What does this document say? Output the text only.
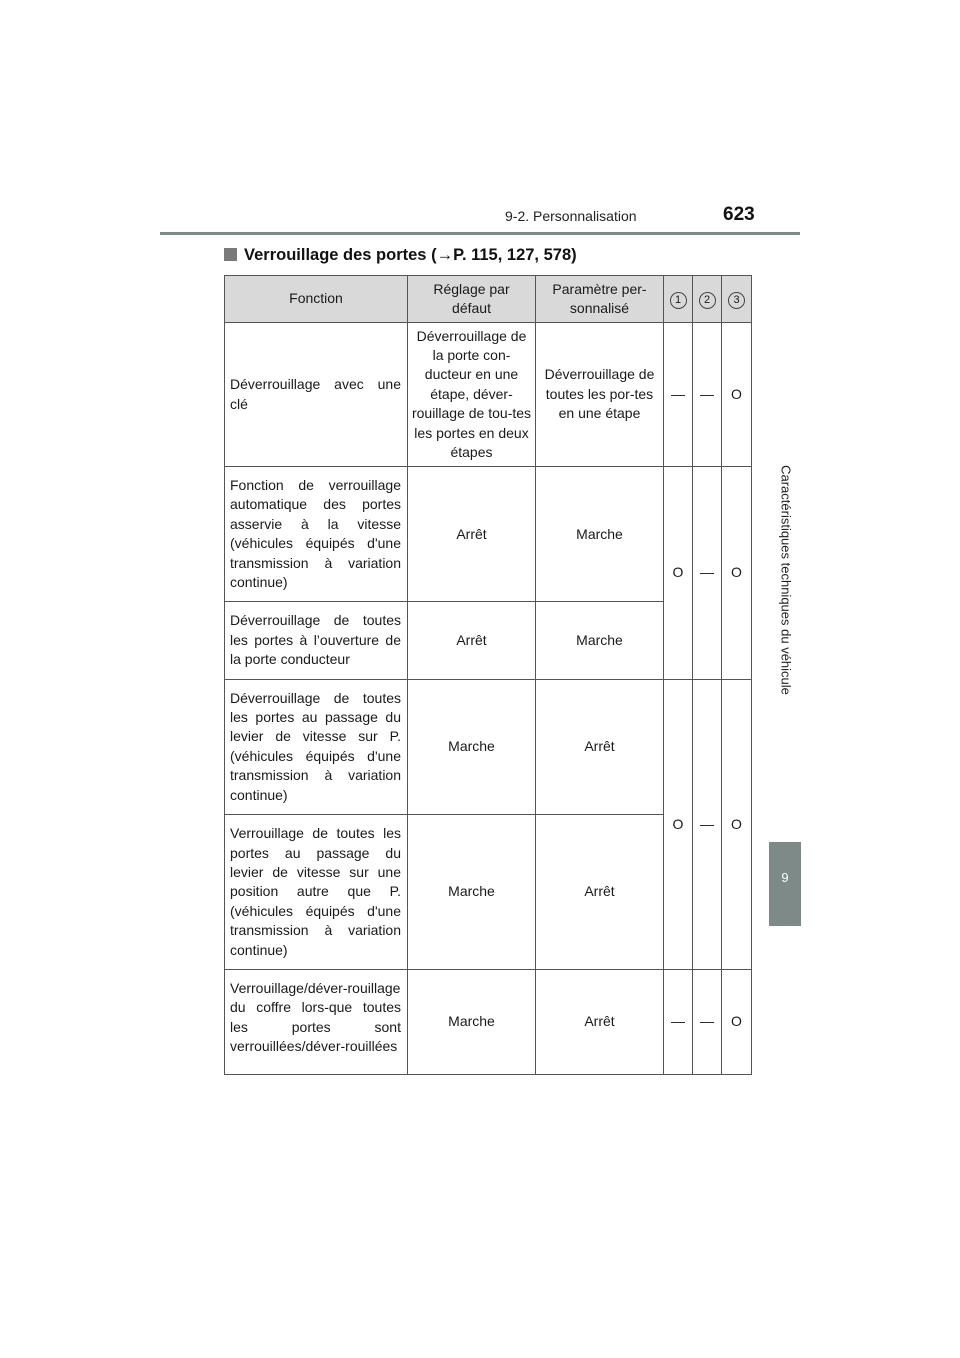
9-2. Personnalisation	623
Caractéristiques techniques du véhicule
9
Verrouillage des portes (→P. 115, 127, 578)
Fonction	Réglage par défaut	Paramètre per-sonnalisé	1	2	3
Déverrouillage avec une clé	Déverrouillage de la porte con-ducteur en une étape, déver-rouillage de tou-tes les portes en deux étapes	Déverrouillage de toutes les por-tes en une étape	—	—	O
Fonction de verrouillage automatique des portes asservie à la vitesse (véhicules équipés d'une transmission à variation continue)	Arrêt	Marche	O	—	O
Déverrouillage de toutes les portes à l’ouverture de la porte conducteur	Arrêt	Marche			
Déverrouillage de toutes les portes au passage du levier de vitesse sur P. (véhicules équipés d'une transmission à variation continue)	Marche	Arrêt	O	—	O
Verrouillage de toutes les portes au passage du levier de vitesse sur une position autre que P. (véhicules équipés d'une transmission à variation continue)	Marche	Arrêt			
Verrouillage/déver-rouillage du coffre lors-que toutes les portes sont verrouillées/déver-rouillées	Marche	Arrêt	—	—	O
